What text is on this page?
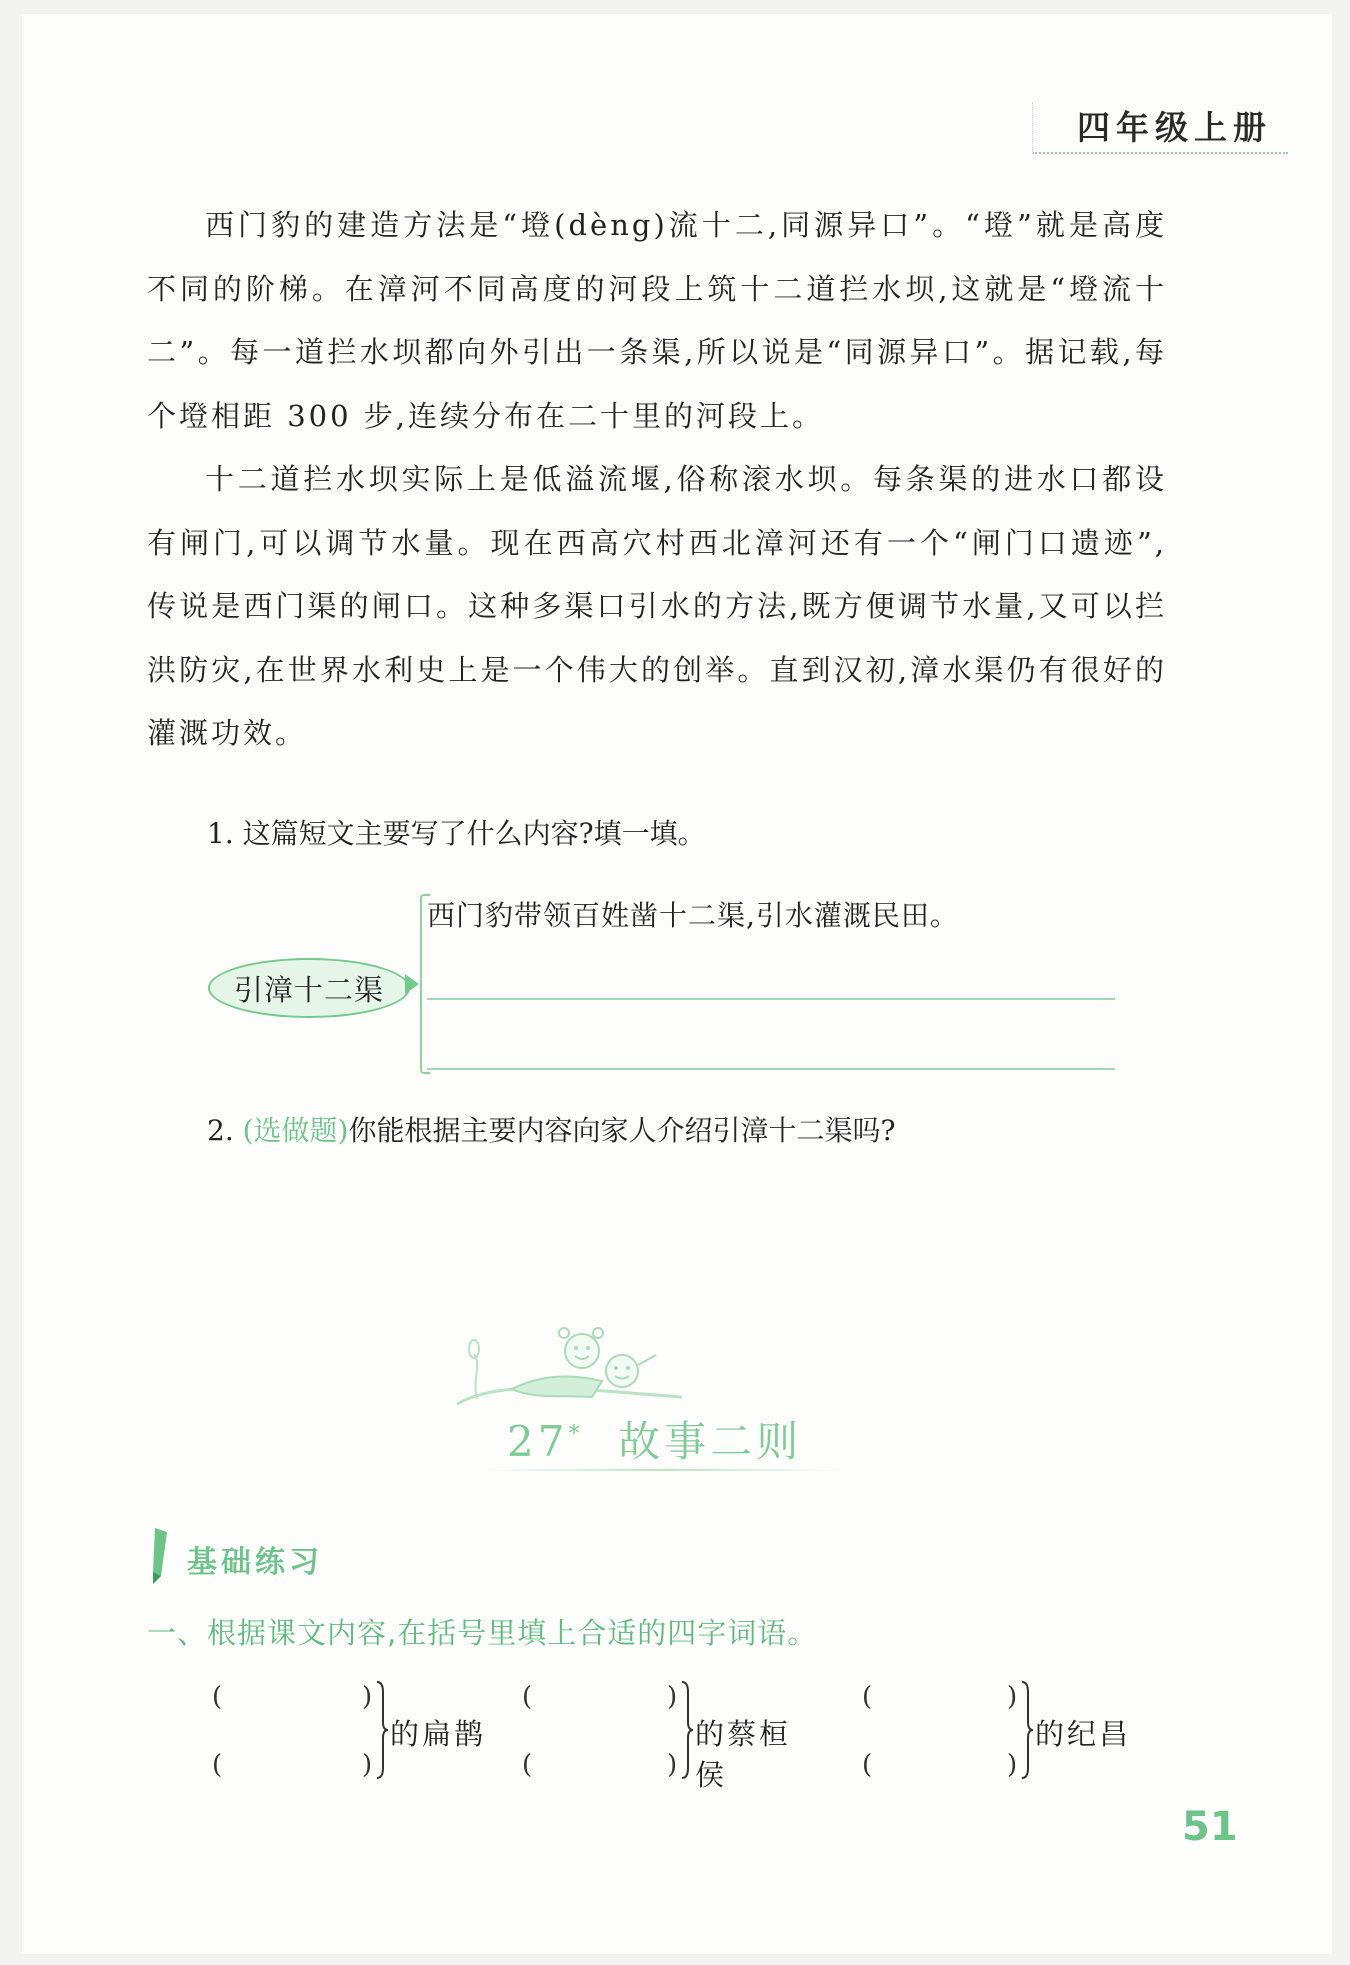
四年级上册

西门豹的建造方法是“墱(dèng)流十二,同源异口”。“墱”就是高度不同的阶梯。在漳河不同高度的河段上筑十二道拦水坝,这就是“墱流十二”。每一道拦水坝都向外引出一条渠,所以说是“同源异口”。据记载,每个墱相距 300 步,连续分布在二十里的河段上。

十二道拦水坝实际上是低溢流堰,俗称滚水坝。每条渠的进水口都设有闸门,可以调节水量。现在西高穴村西北漳河还有一个“闸门口遗迹”,传说是西门渠的闸口。这种多渠口引水的方法,既方便调节水量,又可以拦洪防灾,在世界水利史上是一个伟大的创举。直到汉初,漳水渠仍有很好的灌溉功效。

1. 这篇短文主要写了什么内容?填一填。
引漳十二渠
西门豹带领百姓凿十二渠,引水灌溉民田。
2. (选做题)你能根据主要内容向家人介绍引漳十二渠吗?
27* 故事二则
基础练习
一、根据课文内容,在括号里填上合适的四字词语。
(	)
(	)
的扁鹊
(	)
(	)
的蔡桓侯
(	)
(	)
的纪昌
51
